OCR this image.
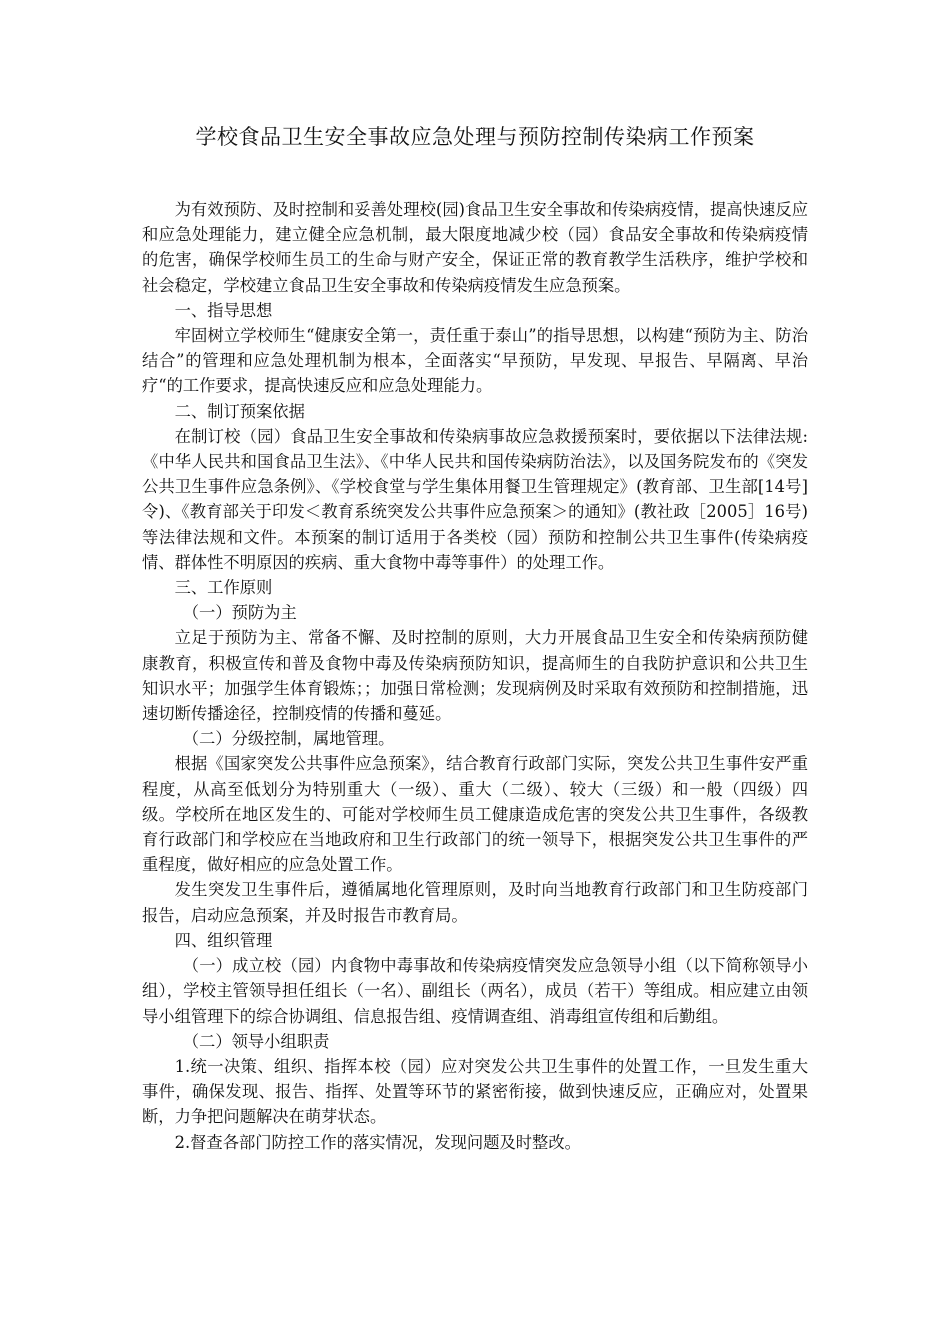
学校食品卫生安全事故应急处理与预防控制传染病工作预案

为有效预防、及时控制和妥善处理校(园)食品卫生安全事故和传染病疫情，提高快速反应和应急处理能力，建立健全应急机制，最大限度地减少校（园）食品安全事故和传染病疫情的危害，确保学校师生员工的生命与财产安全，保证正常的教育教学生活秩序，维护学校和社会稳定，学校建立食品卫生安全事故和传染病疫情发生应急预案。

一、指导思想

牢固树立学校师生“健康安全第一，责任重于泰山”的指导思想，以构建“预防为主、防治结合”的管理和应急处理机制为根本，全面落实“早预防，早发现、早报告、早隔离、早治疗“的工作要求，提高快速反应和应急处理能力。

二、制订预案依据

在制订校（园）食品卫生安全事故和传染病事故应急救援预案时，要依据以下法律法规:《中华人民共和国食品卫生法》、《中华人民共和国传染病防治法》，以及国务院发布的《突发公共卫生事件应急条例》、《学校食堂与学生集体用餐卫生管理规定》(教育部、卫生部[14号]令)、《教育部关于印发＜教育系统突发公共事件应急预案＞的通知》(教社政［2005］16号)等法律法规和文件。本预案的制订适用于各类校（园）预防和控制公共卫生事件(传染病疫情、群体性不明原因的疾病、重大食物中毒等事件）的处理工作。

三、工作原则

（一）预防为主

立足于预防为主、常备不懈、及时控制的原则，大力开展食品卫生安全和传染病预防健康教育，积极宣传和普及食物中毒及传染病预防知识，提高师生的自我防护意识和公共卫生知识水平；加强学生体育锻炼；；加强日常检测；发现病例及时采取有效预防和控制措施，迅速切断传播途径，控制疫情的传播和蔓延。

（二）分级控制，属地管理。

根据《国家突发公共事件应急预案》，结合教育行政部门实际，突发公共卫生事件安严重程度，从高至低划分为特别重大（一级）、重大（二级）、较大（三级）和一般（四级）四级。学校所在地区发生的、可能对学校师生员工健康造成危害的突发公共卫生事件，各级教育行政部门和学校应在当地政府和卫生行政部门的统一领导下，根据突发公共卫生事件的严重程度，做好相应的应急处置工作。

发生突发卫生事件后，遵循属地化管理原则，及时向当地教育行政部门和卫生防疫部门报告，启动应急预案，并及时报告市教育局。

四、组织管理

（一）成立校（园）内食物中毒事故和传染病疫情突发应急领导小组（以下简称领导小组），学校主管领导担任组长（一名）、副组长（两名），成员（若干）等组成。相应建立由领导小组管理下的综合协调组、信息报告组、疫情调查组、消毒组宣传组和后勤组。

（二）领导小组职责

1.统一决策、组织、指挥本校（园）应对突发公共卫生事件的处置工作，一旦发生重大事件，确保发现、报告、指挥、处置等环节的紧密衔接，做到快速反应，正确应对，处置果断，力争把问题解决在萌芽状态。

2.督查各部门防控工作的落实情况，发现问题及时整改。
